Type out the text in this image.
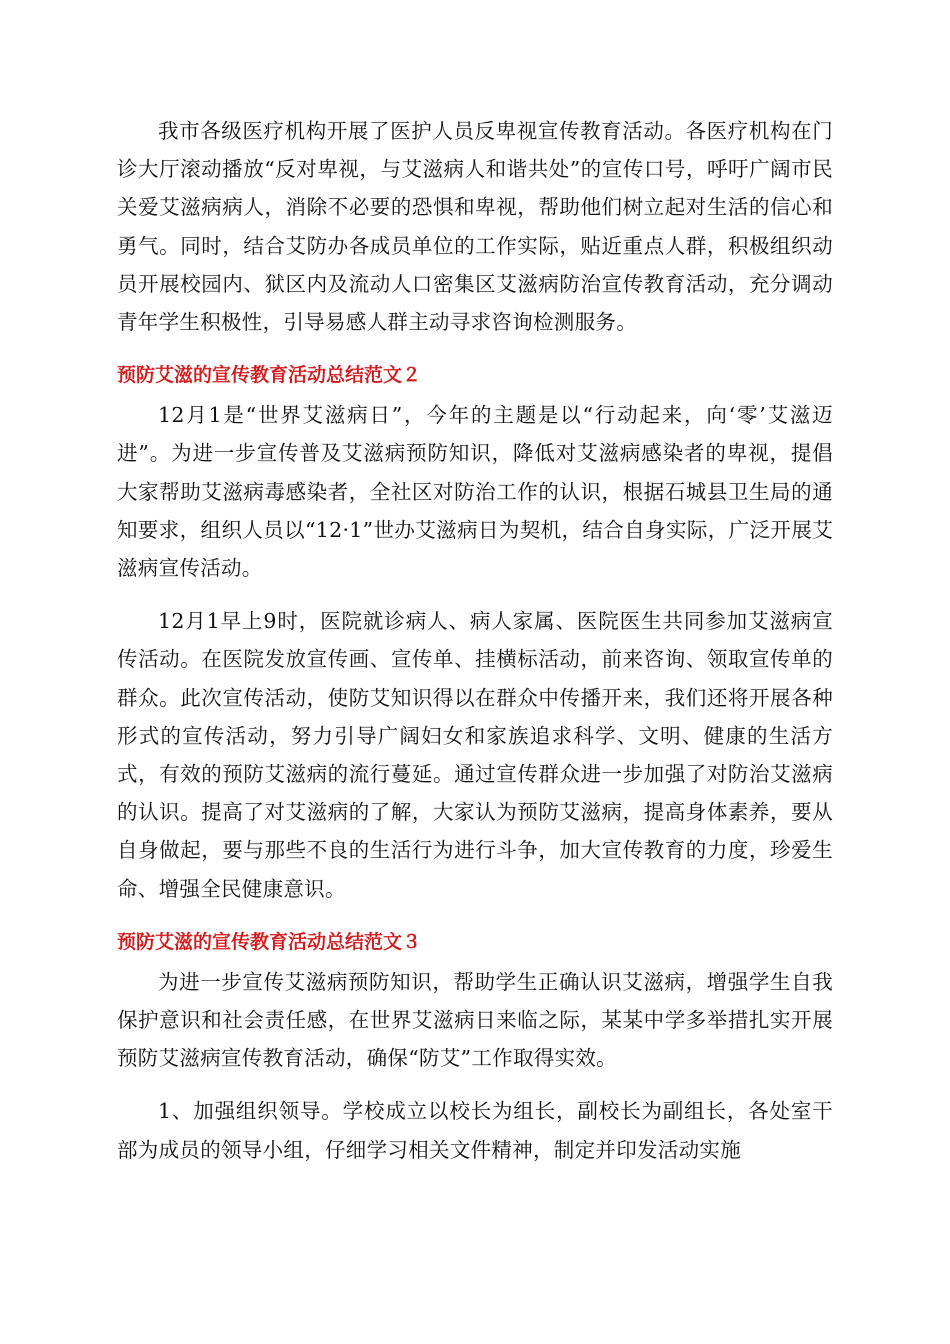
我市各级医疗机构开展了医护人员反卑视宣传教育活动。各医疗机构在门诊大厅滚动播放“反对卑视，与艾滋病人和谐共处”的宣传口号，呼吁广阔市民关爱艾滋病病人，消除不必要的恐惧和卑视，帮助他们树立起对生活的信心和勇气。同时，结合艾防办各成员单位的工作实际，贴近重点人群，积极组织动员开展校园内、狱区内及流动人口密集区艾滋病防治宣传教育活动，充分调动青年学生积极性，引导易感人群主动寻求咨询检测服务。

预防艾滋的宣传教育活动总结范文２

12月1是“世界艾滋病日”，今年的主题是以“行动起来，向‘零’艾滋迈进”。为进一步宣传普及艾滋病预防知识，降低对艾滋病感染者的卑视，提倡大家帮助艾滋病毒感染者，全社区对防治工作的认识，根据石城县卫生局的通知要求，组织人员以“12·1”世办艾滋病日为契机，结合自身实际，广泛开展艾滋病宣传活动。

12月1早上9时，医院就诊病人、病人家属、医院医生共同参加艾滋病宣传活动。在医院发放宣传画、宣传单、挂横标活动，前来咨询、领取宣传单的群众。此次宣传活动，使防艾知识得以在群众中传播开来，我们还将开展各种形式的宣传活动，努力引导广阔妇女和家族追求科学、文明、健康的生活方式，有效的预防艾滋病的流行蔓延。通过宣传群众进一步加强了对防治艾滋病的认识。提高了对艾滋病的了解，大家认为预防艾滋病，提高身体素养，要从自身做起，要与那些不良的生活行为进行斗争，加大宣传教育的力度，珍爱生命、增强全民健康意识。

预防艾滋的宣传教育活动总结范文３

为进一步宣传艾滋病预防知识，帮助学生正确认识艾滋病，增强学生自我保护意识和社会责任感，在世界艾滋病日来临之际，某某中学多举措扎实开展预防艾滋病宣传教育活动，确保“防艾”工作取得实效。

1、加强组织领导。学校成立以校长为组长，副校长为副组长，各处室干部为成员的领导小组，仔细学习相关文件精神，制定并印发活动实施
